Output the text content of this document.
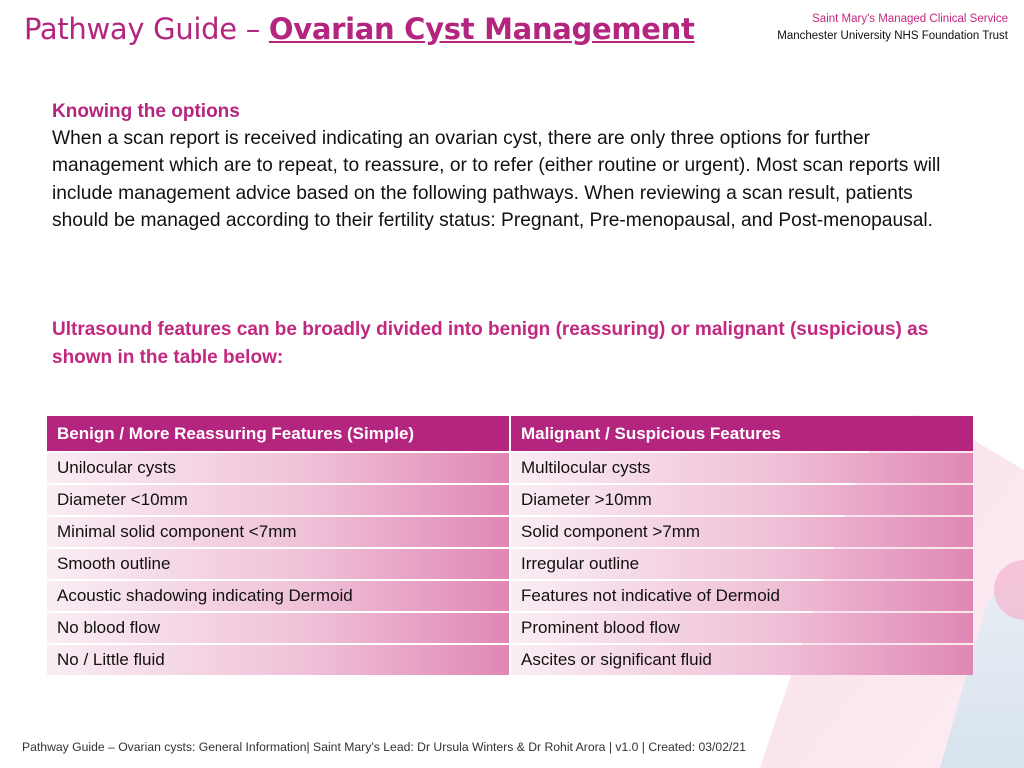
Pathway Guide – Ovarian Cyst Management	Saint Mary's Managed Clinical Service
Manchester University NHS Foundation Trust
Knowing the options

When a scan report is received indicating an ovarian cyst, there are only three options for further management which are to repeat, to reassure, or to refer (either routine or urgent). Most scan reports will include management advice based on the following pathways. When reviewing a scan result, patients should be managed according to their fertility status: Pregnant, Pre-menopausal, and Post-menopausal.

Ultrasound features can be broadly divided into benign (reassuring) or malignant (suspicious) as shown in the table below:

Benign / More Reassuring Features (Simple)	Malignant / Suspicious Features
Unilocular cysts	Multilocular cysts
Diameter <10mm	Diameter >10mm
Minimal solid component <7mm	Solid component >7mm
Smooth outline	Irregular outline
Acoustic shadowing indicating Dermoid	Features not indicative of Dermoid
No blood flow	Prominent blood flow
No / Little fluid	Ascites or significant fluid
Pathway Guide – Ovarian cysts: General Information| Saint Mary’s Lead: Dr Ursula Winters & Dr Rohit Arora | v1.0 | Created: 03/02/21
